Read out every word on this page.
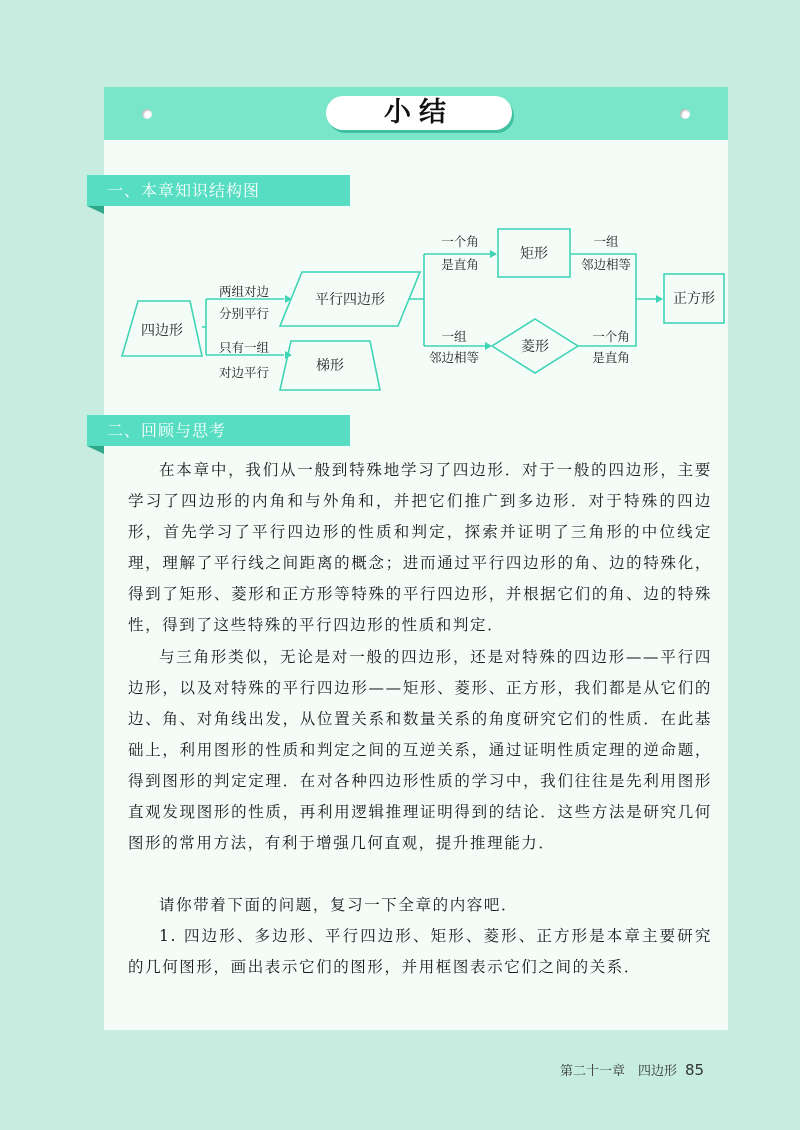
小结
一、本章知识结构图
四边形
平行四边形
梯形
矩形
菱形
正方形
两组对边
分别平行
只有一组
对边平行
一个角
是直角
一组
邻边相等
一组
邻边相等
一个角
是直角
二、回顾与思考

在本章中，我们从一般到特殊地学习了四边形．对于一般的四边形，主要学习了四边形的内角和与外角和，并把它们推广到多边形．对于特殊的四边形，首先学习了平行四边形的性质和判定，探索并证明了三角形的中位线定理，理解了平行线之间距离的概念；进而通过平行四边形的角、边的特殊化，得到了矩形、菱形和正方形等特殊的平行四边形，并根据它们的角、边的特殊性，得到了这些特殊的平行四边形的性质和判定．

与三角形类似，无论是对一般的四边形，还是对特殊的四边形——平行四边形，以及对特殊的平行四边形——矩形、菱形、正方形，我们都是从它们的边、角、对角线出发，从位置关系和数量关系的角度研究它们的性质．在此基础上，利用图形的性质和判定之间的互逆关系，通过证明性质定理的逆命题，得到图形的判定定理．在对各种四边形性质的学习中，我们往往是先利用图形直观发现图形的性质，再利用逻辑推理证明得到的结论．这些方法是研究几何图形的常用方法，有利于增强几何直观，提升推理能力．

请你带着下面的问题，复习一下全章的内容吧．

1. 四边形、多边形、平行四边形、矩形、菱形、正方形是本章主要研究的几何图形，画出表示它们的图形，并用框图表示它们之间的关系．

第二十一章　四边形 85
